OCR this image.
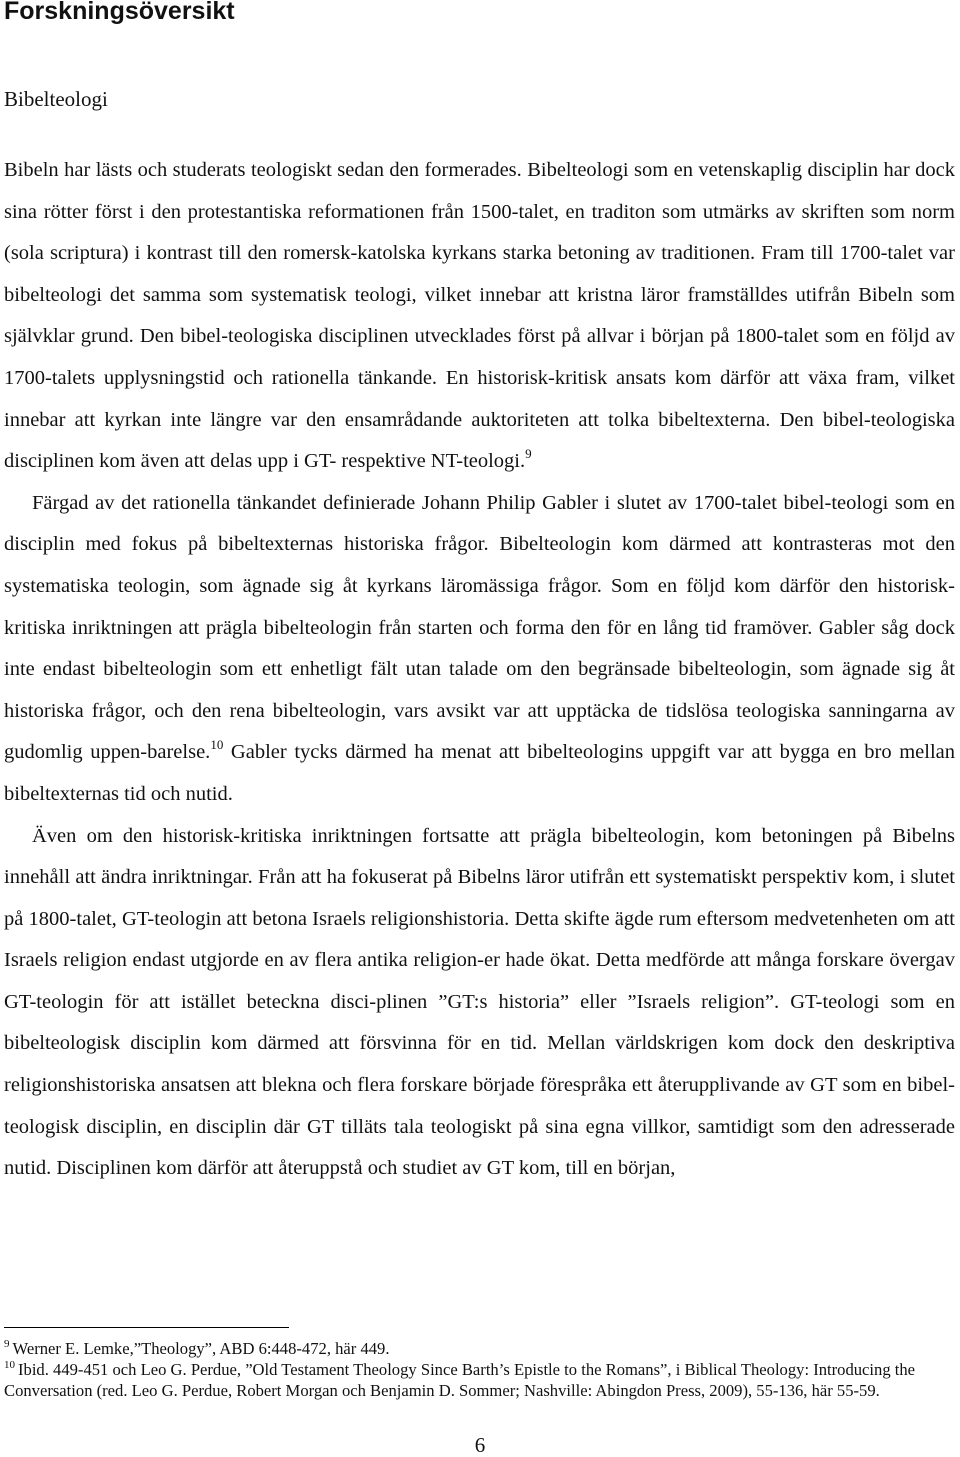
Forskningsöversikt
Bibelteologi

Bibeln har lästs och studerats teologiskt sedan den formerades. Bibelteologi som en vetenskaplig disciplin har dock sina rötter först i den protestantiska reformationen från 1500-talet, en traditon som utmärks av skriften som norm (sola scriptura) i kontrast till den romersk-katolska kyrkans starka betoning av traditionen. Fram till 1700-talet var bibelteologi det samma som systematisk teologi, vilket innebar att kristna läror framställdes utifrån Bibeln som självklar grund. Den bibel-teologiska disciplinen utvecklades först på allvar i början på 1800-talet som en följd av 1700-talets upplysningstid och rationella tänkande. En historisk-kritisk ansats kom därför att växa fram, vilket innebar att kyrkan inte längre var den ensamrådande auktoriteten att tolka bibeltexterna. Den bibel-teologiska disciplinen kom även att delas upp i GT- respektive NT-teologi.$^9$

Färgad av det rationella tänkandet definierade Johann Philip Gabler i slutet av 1700-talet bibel-teologi som en disciplin med fokus på bibeltexternas historiska frågor. Bibelteologin kom därmed att kontrasteras mot den systematiska teologin, som ägnade sig åt kyrkans läromässiga frågor. Som en följd kom därför den historisk-kritiska inriktningen att prägla bibelteologin från starten och forma den för en lång tid framöver. Gabler såg dock inte endast bibelteologin som ett enhetligt fält utan talade om den begränsade bibelteologin, som ägnade sig åt historiska frågor, och den rena bibelteologin, vars avsikt var att upptäcka de tidslösa teologiska sanningarna av gudomlig uppen-barelse.$^{10}$ Gabler tycks därmed ha menat att bibelteologins uppgift var att bygga en bro mellan bibeltexternas tid och nutid.

Även om den historisk-kritiska inriktningen fortsatte att prägla bibelteologin, kom betoningen på Bibelns innehåll att ändra inriktningar. Från att ha fokuserat på Bibelns läror utifrån ett systematiskt perspektiv kom, i slutet på 1800-talet, GT-teologin att betona Israels religionshistoria. Detta skifte ägde rum eftersom medvetenheten om att Israels religion endast utgjorde en av flera antika religion-er hade ökat. Detta medförde att många forskare övergav GT-teologin för att istället beteckna disci-plinen ”GT:s historia” eller ”Israels religion”. GT-teologi som en bibelteologisk disciplin kom därmed att försvinna för en tid. Mellan världskrigen kom dock den deskriptiva religionshistoriska ansatsen att blekna och flera forskare började förespråka ett återupplivande av GT som en bibel-teologisk disciplin, en disciplin där GT tilläts tala teologiskt på sina egna villkor, samtidigt som den adresserade nutid. Disciplinen kom därför att återuppstå och studiet av GT kom, till en början,

$^9$ Werner E. Lemke,”Theology”, ABD 6:448-472, här 449.

$^{10}$ Ibid. 449-451 och Leo G. Perdue, ”Old Testament Theology Since Barth’s Epistle to the Romans”, i Biblical Theology: Introducing the Conversation (red. Leo G. Perdue, Robert Morgan och Benjamin D. Sommer; Nashville: Abingdon Press, 2009), 55-136, här 55-59.

6
